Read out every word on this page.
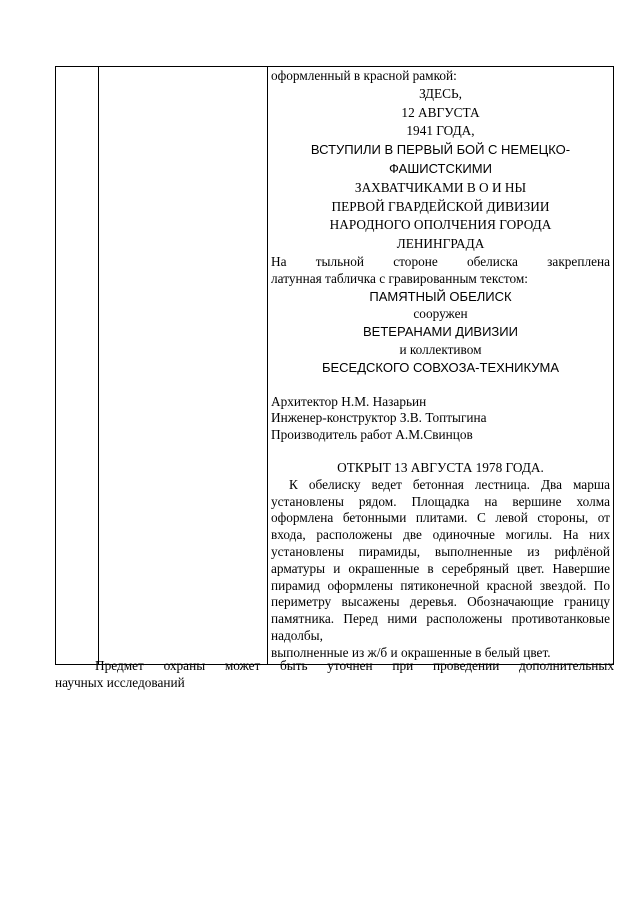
оформленный в красной рамкой:
ЗДЕСЬ,
12 АВГУСТА
1941 ГОДА,
ВСТУПИЛИ В ПЕРВЫЙ БОЙ С НЕМЕЦКО-
ФАШИСТСКИМИ
ЗАХВАТЧИКАМИ В О И НЫ
ПЕРВОЙ ГВАРДЕЙСКОЙ ДИВИЗИИ
НАРОДНОГО ОПОЛЧЕНИЯ ГОРОДА
ЛЕНИНГРАДА
На тыльной стороне обелиска закреплена
латунная табличка с гравированным текстом:
ПАМЯТНЫЙ ОБЕЛИСК
сооружен
ВЕТЕРАНАМИ ДИВИЗИИ
и коллективом
БЕСЕДСКОГО СОВХОЗА-ТЕХНИКУМА
Архитектор Н.М. Назарьин
Инженер-конструктор З.В. Топтыгина
Производитель работ А.М.Свинцов
ОТКРЫТ 13 АВГУСТА 1978 ГОДА.
К обелиску ведет бетонная лестница. Два марша установлены рядом. Площадка на вершине холма оформлена бетонными плитами. С левой стороны, от входа, расположены две одиночные могилы. На них установлены пирамиды, выполненные из рифлёной арматуры и окрашенные в серебряный цвет. Навершие пирамид оформлены пятиконечной красной звездой. По периметру высажены деревья. Обозначающие границу памятника. Перед ними расположены противотанковые надолбы,
выполненные из ж/б и окрашенные в белый цвет.

Предмет охраны может быть уточнен при проведении дополнительных

научных исследований
